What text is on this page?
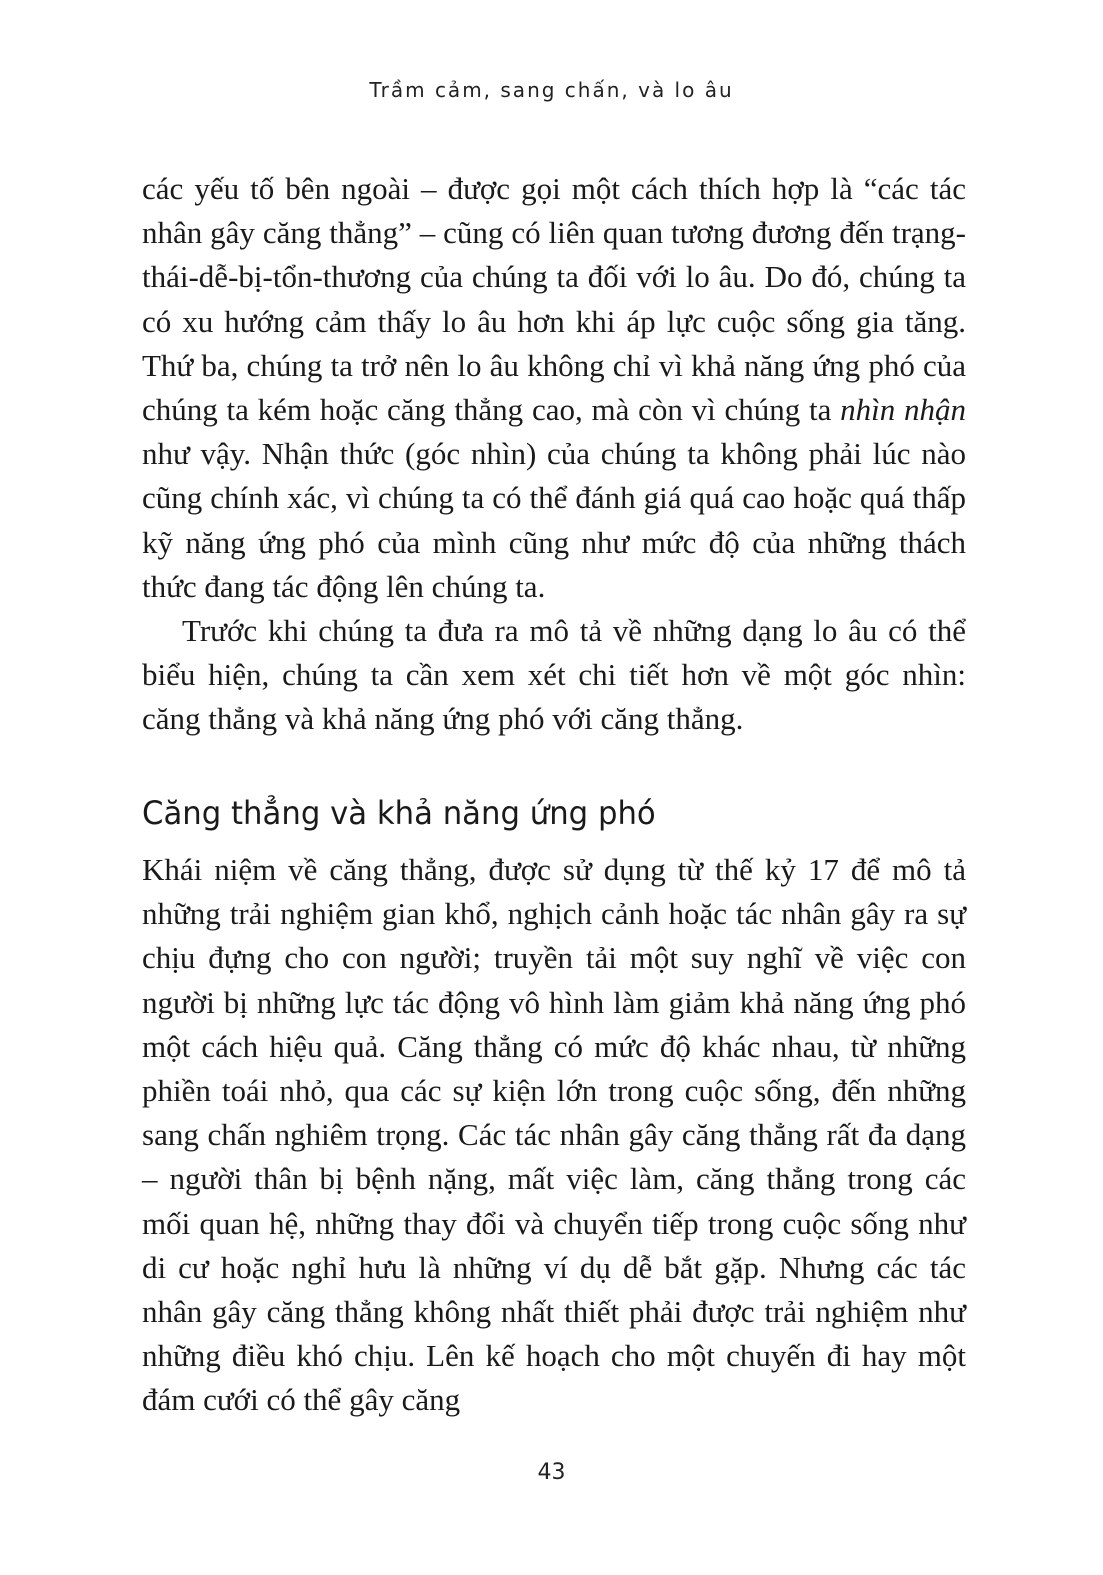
Trầm cảm, sang chấn, và lo âu

các yếu tố bên ngoài – được gọi một cách thích hợp là “các tác nhân gây căng thẳng” – cũng có liên quan tương đương đến trạng-thái-dễ-bị-tổn-thương của chúng ta đối với lo âu. Do đó, chúng ta có xu hướng cảm thấy lo âu hơn khi áp lực cuộc sống gia tăng. Thứ ba, chúng ta trở nên lo âu không chỉ vì khả năng ứng phó của chúng ta kém hoặc căng thẳng cao, mà còn vì chúng ta nhìn nhận như vậy. Nhận thức (góc nhìn) của chúng ta không phải lúc nào cũng chính xác, vì chúng ta có thể đánh giá quá cao hoặc quá thấp kỹ năng ứng phó của mình cũng như mức độ của những thách thức đang tác động lên chúng ta.

Trước khi chúng ta đưa ra mô tả về những dạng lo âu có thể biểu hiện, chúng ta cần xem xét chi tiết hơn về một góc nhìn: căng thẳng và khả năng ứng phó với căng thẳng.

Căng thẳng và khả năng ứng phó

Khái niệm về căng thẳng, được sử dụng từ thế kỷ 17 để mô tả những trải nghiệm gian khổ, nghịch cảnh hoặc tác nhân gây ra sự chịu đựng cho con người; truyền tải một suy nghĩ về việc con người bị những lực tác động vô hình làm giảm khả năng ứng phó một cách hiệu quả. Căng thẳng có mức độ khác nhau, từ những phiền toái nhỏ, qua các sự kiện lớn trong cuộc sống, đến những sang chấn nghiêm trọng. Các tác nhân gây căng thẳng rất đa dạng – người thân bị bệnh nặng, mất việc làm, căng thẳng trong các mối quan hệ, những thay đổi và chuyển tiếp trong cuộc sống như di cư hoặc nghỉ hưu là những ví dụ dễ bắt gặp. Nhưng các tác nhân gây căng thẳng không nhất thiết phải được trải nghiệm như những điều khó chịu. Lên kế hoạch cho một chuyến đi hay một đám cưới có thể gây căng

43
